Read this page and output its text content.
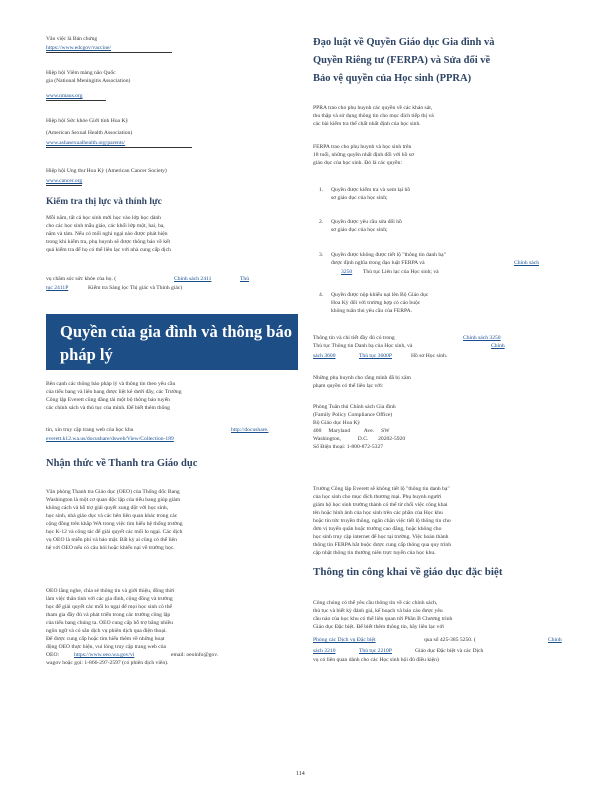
Văn việc là Bản chứng
https://www.edcgov/vaccine/
Hiệp hội Viêm màng não Quốc
gia (National Meningitis Association)
www.nmaus.org
Hiệp hội Sức khỏe Giới tính Hoa Kỳ
(American Sexual Health Association)
www.ashasexualhealth.org/parents/
Hiệp hội Ung thư Hoa Kỳ (American Cancer Society)
www.cancer.org
Kiểm tra thị lực và thính lực
Mỗi năm, tất cả học sinh mới học vào lớp học dành
cho các học sinh mẫu giáo, các khối lớp một, hai, ba,
năm và tám. Nếu có mối nghi ngại nào được phát hiện
trong khi kiểm tra, phụ huynh sẽ được thông báo về kết
quả kiểm tra để họ có thể liên lạc với nhà cung cấp dịch
vụ chăm sóc sức khỏe của họ. (	Chính sách 2411	Thủ
tục 2411P	Kiểm tra Sàng lọc Thị giác và Thính giác)
Quyền của gia đình và thông báo
pháp lý
Bên cạnh các thông báo pháp lý và thông tin theo yêu cầu
của tiểu bang và liên bang được liệt kê dưới đây, các Trường
Công lập Everett cũng đăng tải một bộ thông báo tuyển
các chính sách và thủ tục của mình. Để biết thêm thông
tin, xin truy cập trang web của học khu	http://docushare.
everett.k12.wa.us/docushare/dsweb/View/Collection-189
Nhận thức về Thanh tra Giáo dục
Văn phòng Thanh tra Giáo dục (OEO) của Thống đốc Bang
Washington là một cơ quan độc lập của tiểu bang giúp giảm
không cách và hỗ trợ giải quyết xung đột với học sinh,
học sinh, nhà giáo dục và các bên liên quan khác trong các
cộng đồng trên khắp WA trong việc tìm hiểu hệ thống trường
học K-12 và công tác để giải quyết các mối lo ngại. Các dịch
vụ OEO là miễn phí và bảo mật. Bất kỳ ai cũng có thể liên
hệ với OEO nếu có câu hỏi hoặc khiếu nại về trường học.
OEO lắng nghe, chia sẻ thông tin và giới thiệu, đồng thời
làm việc thân tình với các gia đình, cộng đồng và trường
học để giải quyết các mối lo ngại để mọi học sinh có thể
tham gia đầy đủ và phát triển trong các trường công lập
của tiểu bang chúng ta. OEO cung cấp hỗ trợ bằng nhiều
ngôn ngữ và có sẵn dịch vụ phiên dịch qua điện thoại.
Để được cung cấp hoặc tìm hiểu thêm về những hoạt
động OEO thực hiện, vui lòng truy cập trang web của
OEO:	https://www.oeo.wa.gov/vi	email: oeoinfo@gov.
wagov hoặc gọi: 1-866-297-2597 (có phiên dịch viên).
Đạo luật về Quyền Giáo dục Gia đình và
Quyền Riêng tư (FERPA) và Sửa đổi về
Bảo vệ quyền của Học sinh (PPRA)
PPRA trao cho phụ huynh các quyền về các khảo sát,
thu thập và sử dụng thông tin cho mục đích tiếp thị và
các bài kiểm tra thể chất nhất định của học sinh.
FERPA trao cho phụ huynh và học sinh trên
18 tuổi, những quyền nhất định đối với hồ sơ
giáo dục của học sinh. Đó là các quyền:
1. Quyền được kiểm tra và xem lại hồ
sơ giáo dục của học sinh;
2. Quyền được yêu cầu sửa đổi hồ
sơ giáo dục của học sinh;
3. Quyền được không được tiết lộ "thông tin danh bạ"
được định nghĩa trong đạo luật FERPA và	Chính sách
3250 Thủ tục Liên lạc của Học sinh; và
4. Quyền được nộp khiếu nại lên Bộ Giáo dục
Hoa Kỳ đối với trường hợp có cáo buộc
không tuân thủ yêu cầu của FERPA.
Thông tin và chi tiết đầy đủ có trong	Chính sách 3250
Thủ tục Thông tin Danh bạ của Học sinh, và	Chính
sách 3600	Thủ tục 3600P	Hồ sơ Học sinh.
Những phụ huynh cho rằng mình đã bị xâm
phạm quyền có thể liên lạc với:
Phòng Tuân thủ Chính sách Gia đình
(Family Policy Compliance Office)
Bộ Giáo dục Hoa Kỳ
400     Maryland          Ave.     SW
Washington,            D.C.       20202-5920
Số Điện thoại: 1-800-872-5327
Trường Công lập Everett sẽ không tiết lộ "thông tin danh bạ"
của học sinh cho mục đích thương mại. Phụ huynh người
giám hộ học sinh trường thành có thể từ chối việc công khai
tên hoặc hình ảnh của học sinh trên các phần của Học khu
hoặc tin tức truyền thông, ngân chặn việc tiết lộ thông tin cho
đơn vị tuyển quân hoặc trường cao đẳng, hoặc không cho
học sinh truy cập internet để học tại trường. Việc hoàn thành
thông tin FERPA bắt buộc được cung cấp thông qua quy trình
cập nhật thông tin thường niên trực tuyến của học khu.
Thông tin công khai về giáo dục đặc biệt
Công chúng có thể yêu cầu thông tin về các chính sách,
thủ tục và biết kỳ đánh giá, kế hoạch và báo cáo được yêu
cầu nào của học khu có thể liên quan tới Phần B Chương trình
Giáo dục Đặc biệt. Để biết thêm thông tin, hãy liên lạc với
Phòng các Dịch vụ Đặc biệt	qua số 425-385 5250. (	Chính
sách 2210	Thủ tục 2210P	Giáo dục Đặc biệt và các Dịch
vụ có liên quan dành cho các Học sinh hội đủ điều kiện)
114
